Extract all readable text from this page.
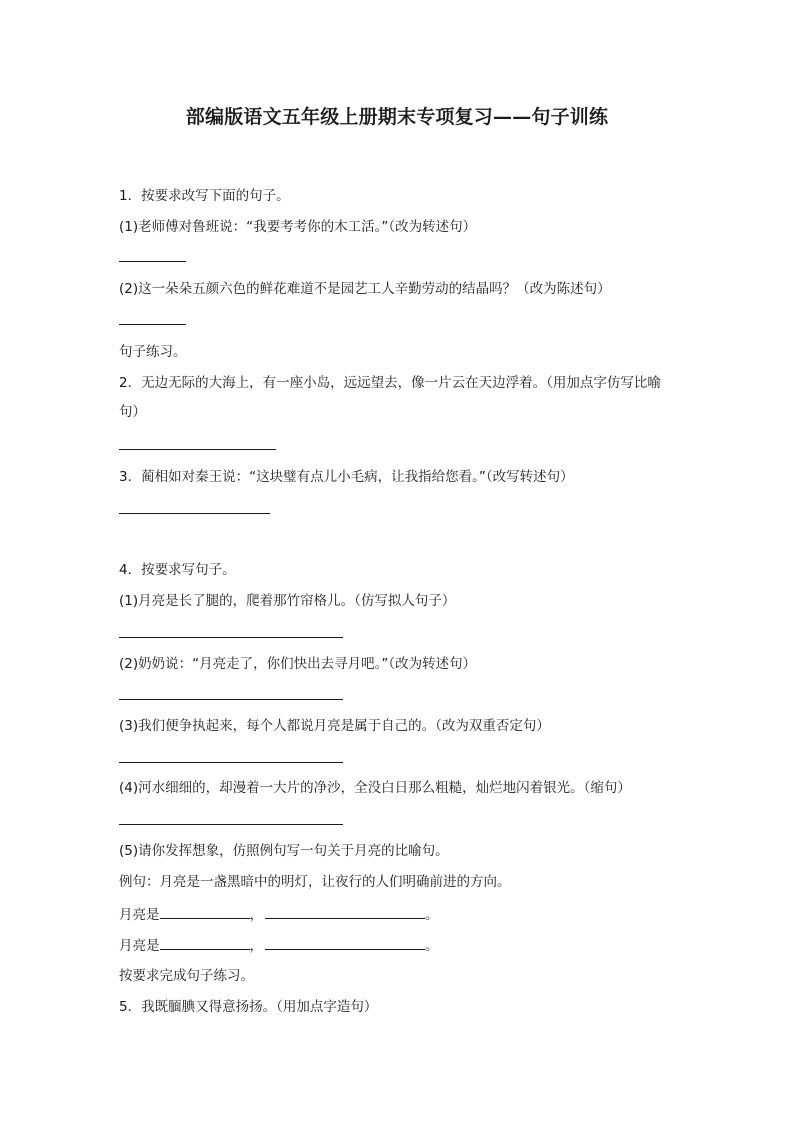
部编版语文五年级上册期末专项复习——句子训练
1．按要求改写下面的句子。
(1)老师傅对鲁班说：“我要考考你的木工活。”（改为转述句）
(2)这一朵朵五颜六色的鲜花难道不是园艺工人辛勤劳动的结晶吗？（改为陈述句）
句子练习。
2．无边无际的大海上，有一座小岛，远远望去，像一片云在天边浮着。（用加点字仿写比喻
句）
3．蔺相如对秦王说：“这块璧有点儿小毛病，让我指给您看。”（改写转述句）
4．按要求写句子。
(1)月亮是长了腿的，爬着那竹帘格儿。（仿写拟人句子）
(2)奶奶说：“月亮走了，你们快出去寻月吧。”（改为转述句）
(3)我们便争执起来，每个人都说月亮是属于自己的。（改为双重否定句）
(4)河水细细的，却漫着一大片的净沙，全没白日那么粗糙，灿烂地闪着银光。（缩句）
(5)请你发挥想象，仿照例句写一句关于月亮的比喻句。
例句：月亮是一盏黑暗中的明灯，让夜行的人们明确前进的方向。
月亮是	，	。
月亮是	，	。
按要求完成句子练习。
5．我既腼腆又得意扬扬。（用加点字造句）
